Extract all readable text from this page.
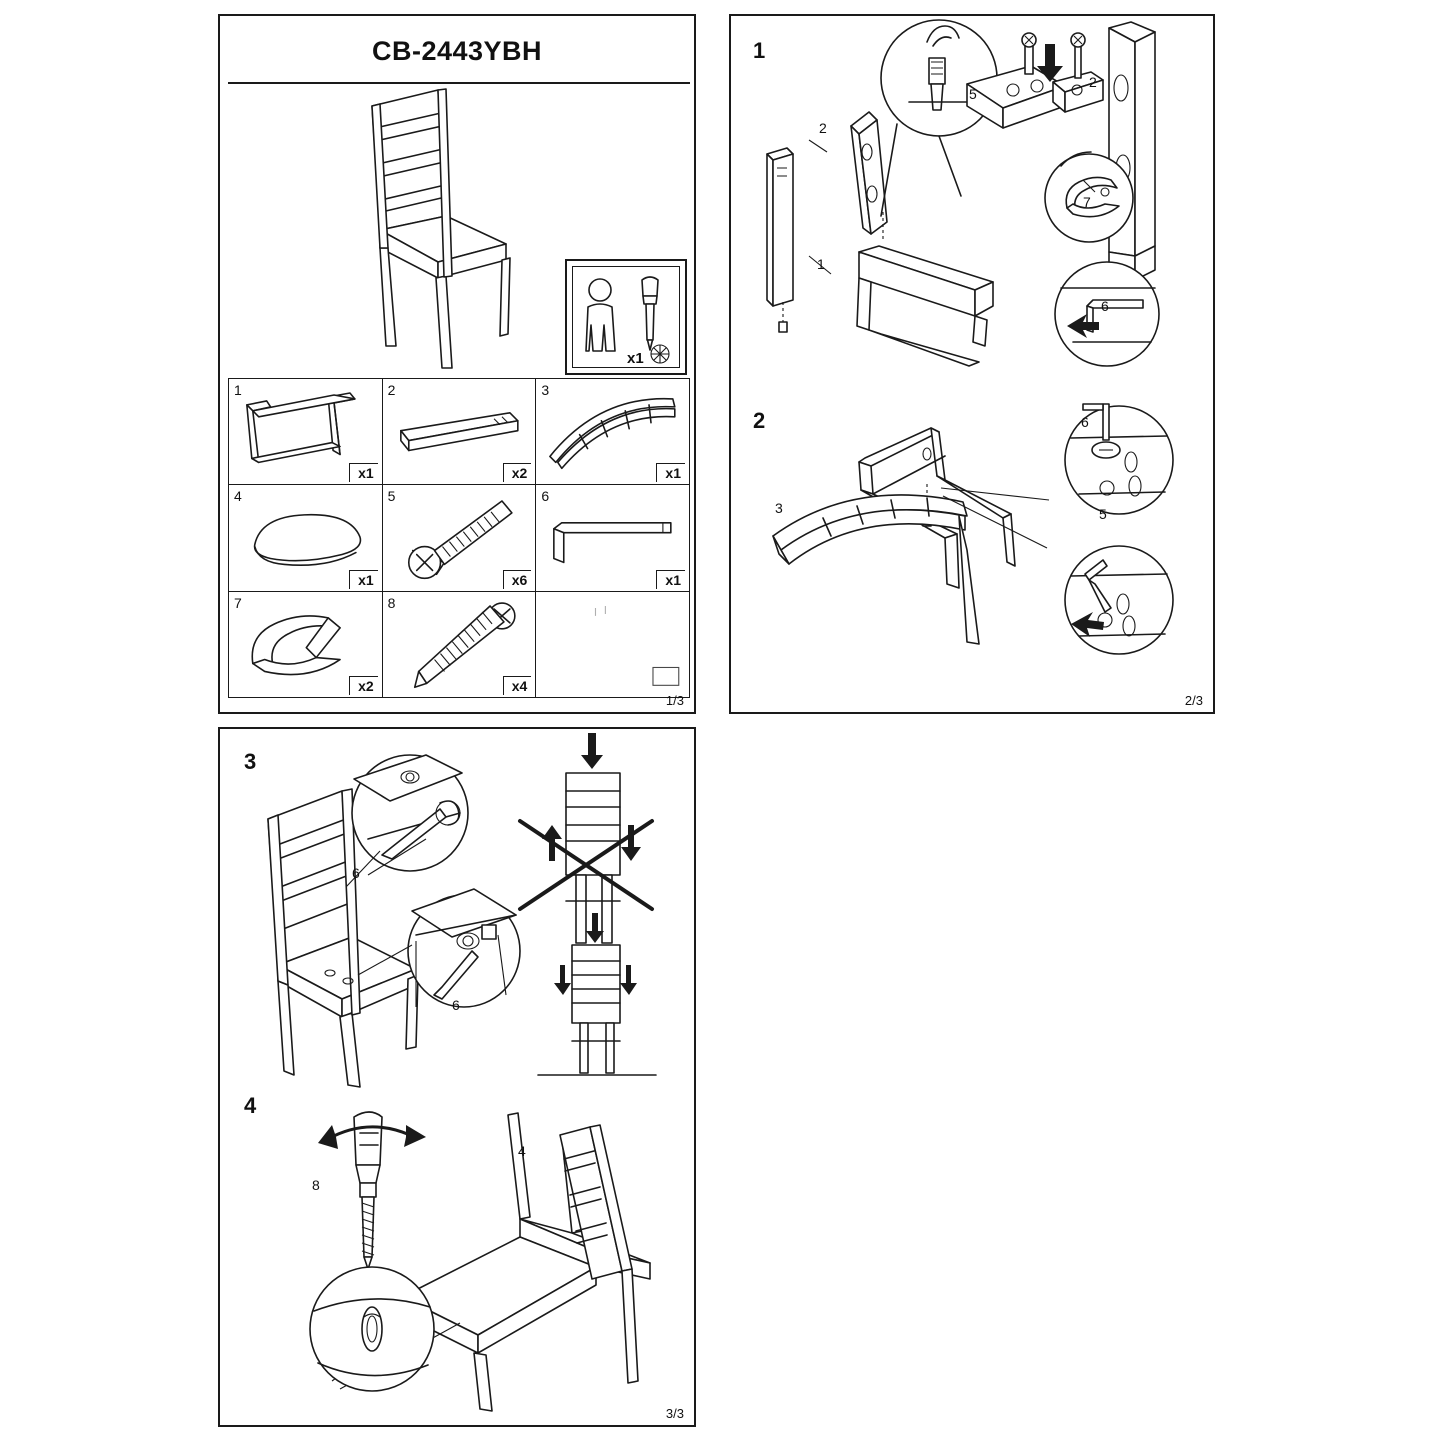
CB-2443YBH
x1
1
x1
2
x2
3
x1
4
x1
5
x6
6
x1
7
x2
8
x4
1/3
1
2
2
5
1
7
6
2
3
6
5
2/3
3
6
6
4
8
4
3/3
